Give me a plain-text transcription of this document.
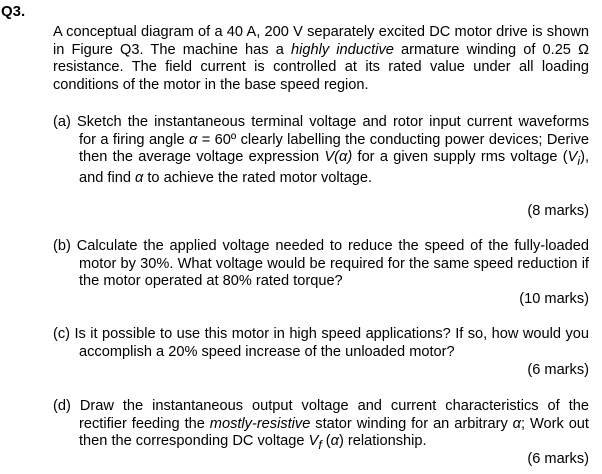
Q3.

A conceptual diagram of a 40 A, 200 V separately excited DC motor drive is shown in Figure Q3. The machine has a highly inductive armature winding of 0.25 Ω resistance. The field current is controlled at its rated value under all loading conditions of the motor in the base speed region.

(a) Sketch the instantaneous terminal voltage and rotor input current waveforms for a firing angle α = 60º clearly labelling the conducting power devices; Derive then the average voltage expression V(α) for a given supply rms voltage $(V_i)$, and find α to achieve the rated motor voltage.

(8 marks)

(b) Calculate the applied voltage needed to reduce the speed of the fully-loaded motor by 30%. What voltage would be required for the same speed reduction if the motor operated at 80% rated torque?

(10 marks)

(c) Is it possible to use this motor in high speed applications? If so, how would you accomplish a 20% speed increase of the unloaded motor?

(6 marks)

(d) Draw the instantaneous output voltage and current characteristics of the rectifier feeding the mostly-resistive stator winding for an arbitrary α; Work out then the corresponding DC voltage $V_f$ (α) relationship.

(6 marks)
